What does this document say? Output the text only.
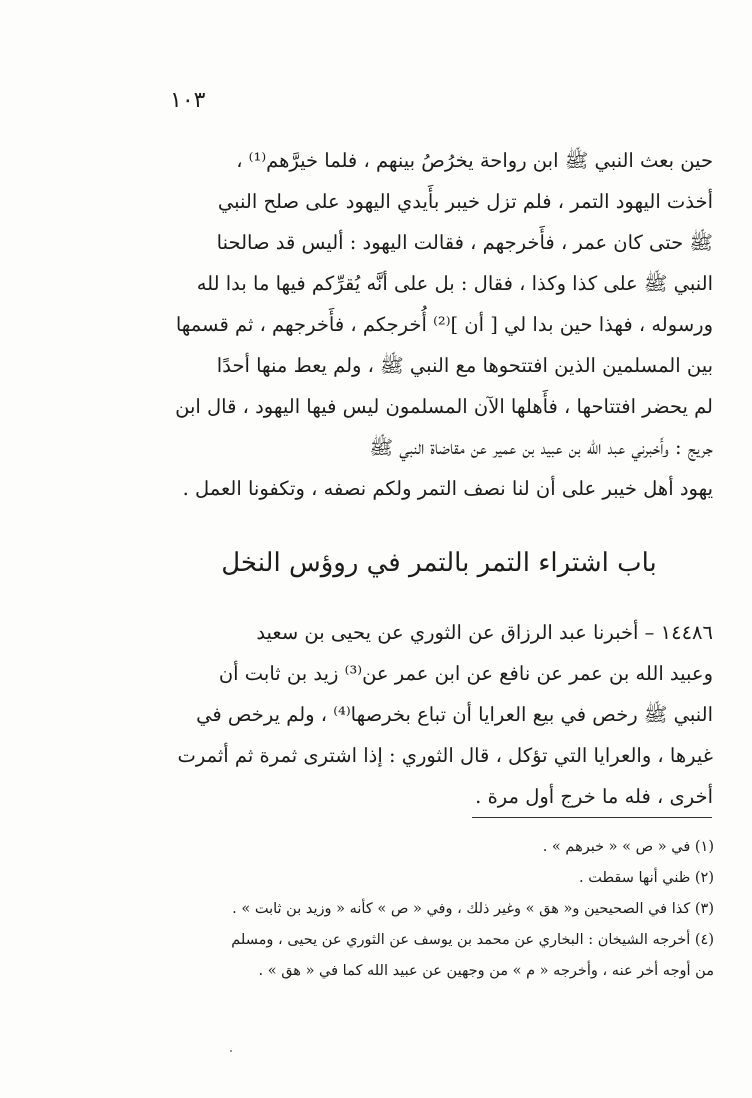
١٠٣

حين بعث النبي ﷺ ابن رواحة يخرُصُ بينهم ، فلما خيرَّهم⁽¹⁾ ،
أخذت اليهود التمر ، فلم تزل خيبر بأَيدي اليهود على صلح النبي
ﷺ حتى كان عمر ، فأَخرجهم ، فقالت اليهود : أليس قد صالحنا
النبي ﷺ على كذا وكذا ، فقال : بل على أنَّه يُقرِّكم فيها ما بدا لله
ورسوله ، فهذا حين بدا لي [ أن ]⁽²⁾ أُخرجكم ، فأَخرجهم ، ثم قسمها
بين المسلمين الذين افتتحوها مع النبي ﷺ ، ولم يعط منها أحدًا
لم يحضر افتتاحها ، فأَهلها الآن المسلمون ليس فيها اليهود ، قال ابن
جريج : وأَخبرني عبد الله بن عبيد بن عمير عن مقاضاة النبي ﷺ
يهود أهل خيبر على أن لنا نصف التمر ولكم نصفه ، وتكفونا العمل .

باب اشتراء التمر بالتمر في روؤس النخل

١٤٤٨٦ – أخبرنا عبد الرزاق عن الثوري عن يحيى بن سعيد
وعبيد الله بن عمر عن نافع عن ابن عمر عن⁽³⁾ زيد بن ثابت أن
النبي ﷺ رخص في بيع العرايا أن تباع بخرصها⁽⁴⁾ ، ولم يرخص في
غيرها ، والعرايا التي تؤكل ، قال الثوري : إذا اشترى ثمرة ثم أثمرت
أخرى ، فله ما خرج أول مرة .

(١) في « ص » « خبرهم » .
(٢) ظني أنها سقطت .
(٣) كذا في الصحيحين و« هق » وغير ذلك ، وفي « ص » كأنه « وزيد بن ثابت » .
(٤) أخرجه الشيخان : البخاري عن محمد بن يوسف عن الثوري عن يحيى ، ومسلم
من أوجه أخر عنه ، وأخرجه « م » من وجهين عن عبيد الله كما في « هق » .
